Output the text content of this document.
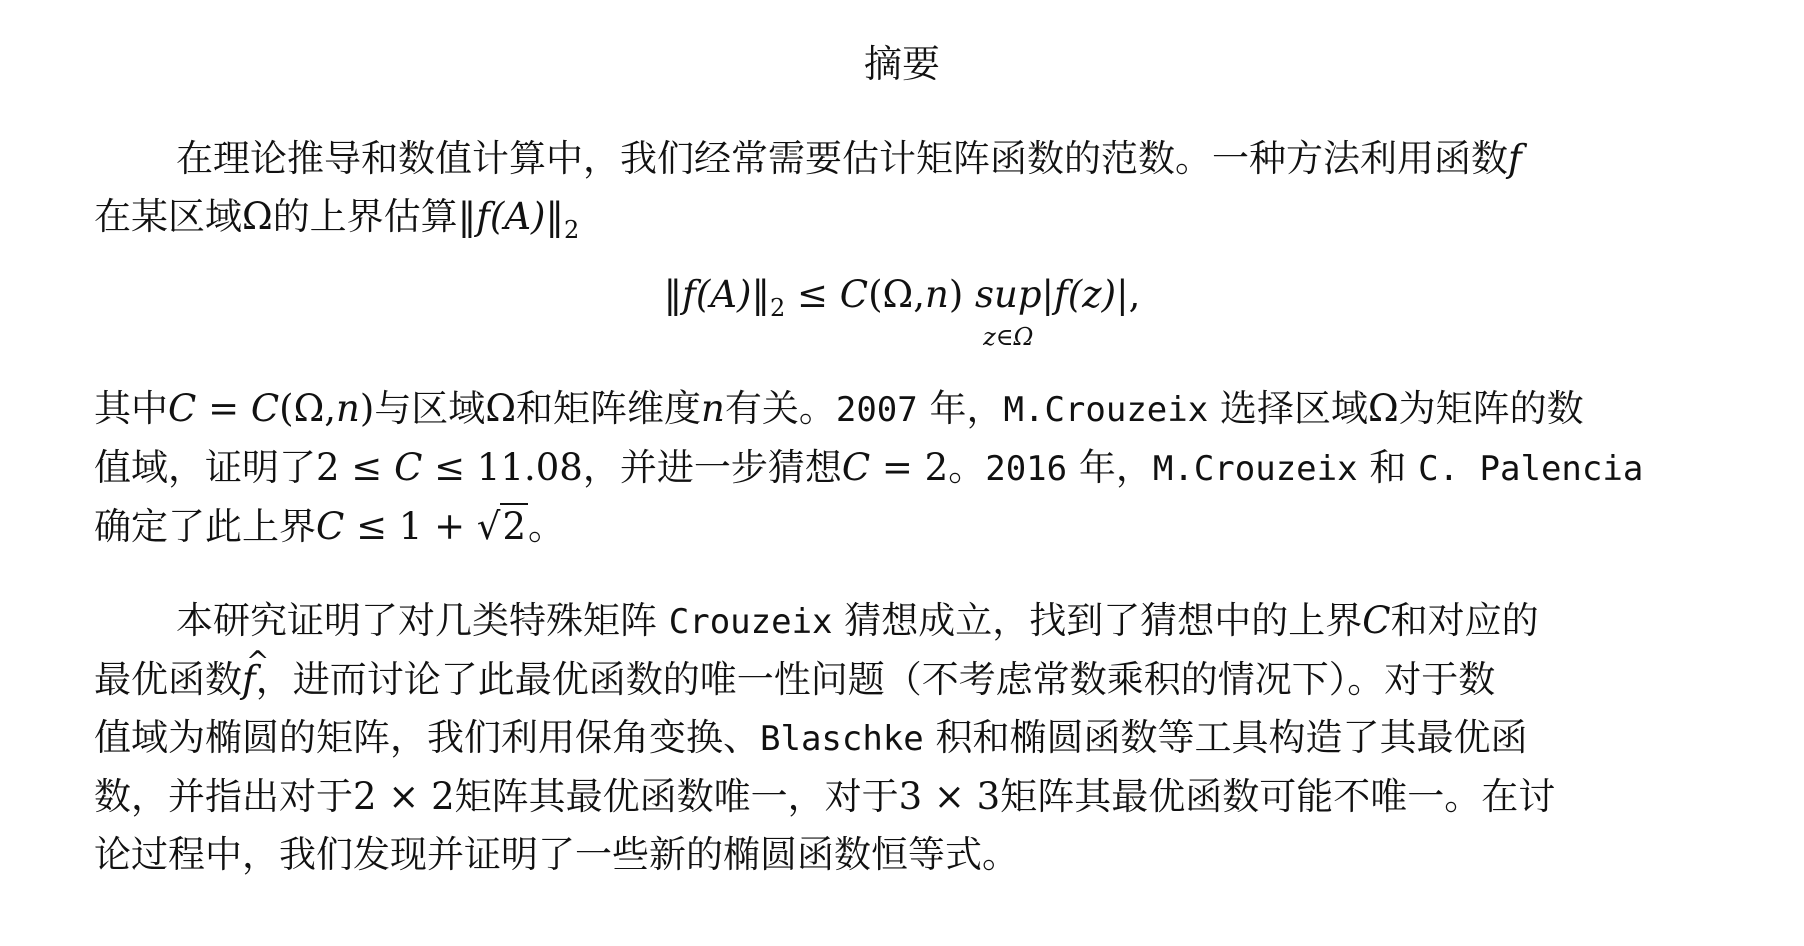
摘要
在理论推导和数值计算中，我们经常需要估计矩阵函数的范数。一种方法利用函数f
在某区域Ω的上界估算$‖f(A)‖_2$
$‖f(A)‖_2 \le C(\Omega,n)$ sup
z∈Ω
|f(z)|,
其中C = C(Ω,n)与区域Ω和矩阵维度n有关。2007 年，M.Crouzeix 选择区域Ω为矩阵的数
值域，证明了2 ≤ C ≤ 11.08，并进一步猜想C = 2。2016 年，M.Crouzeix 和 C. Palencia
确定了此上界C ≤ 1 + √2。
本研究证明了对几类特殊矩阵 Crouzeix 猜想成立，找到了猜想中的上界C和对应的
最优函数^ f，进而讨论了此最优函数的唯一性问题（不考虑常数乘积的情况下）。对于数
值域为椭圆的矩阵，我们利用保角变换、Blaschke 积和椭圆函数等工具构造了其最优函
数，并指出对于2 × 2矩阵其最优函数唯一，对于3 × 3矩阵其最优函数可能不唯一。在讨
论过程中，我们发现并证明了一些新的椭圆函数恒等式。
